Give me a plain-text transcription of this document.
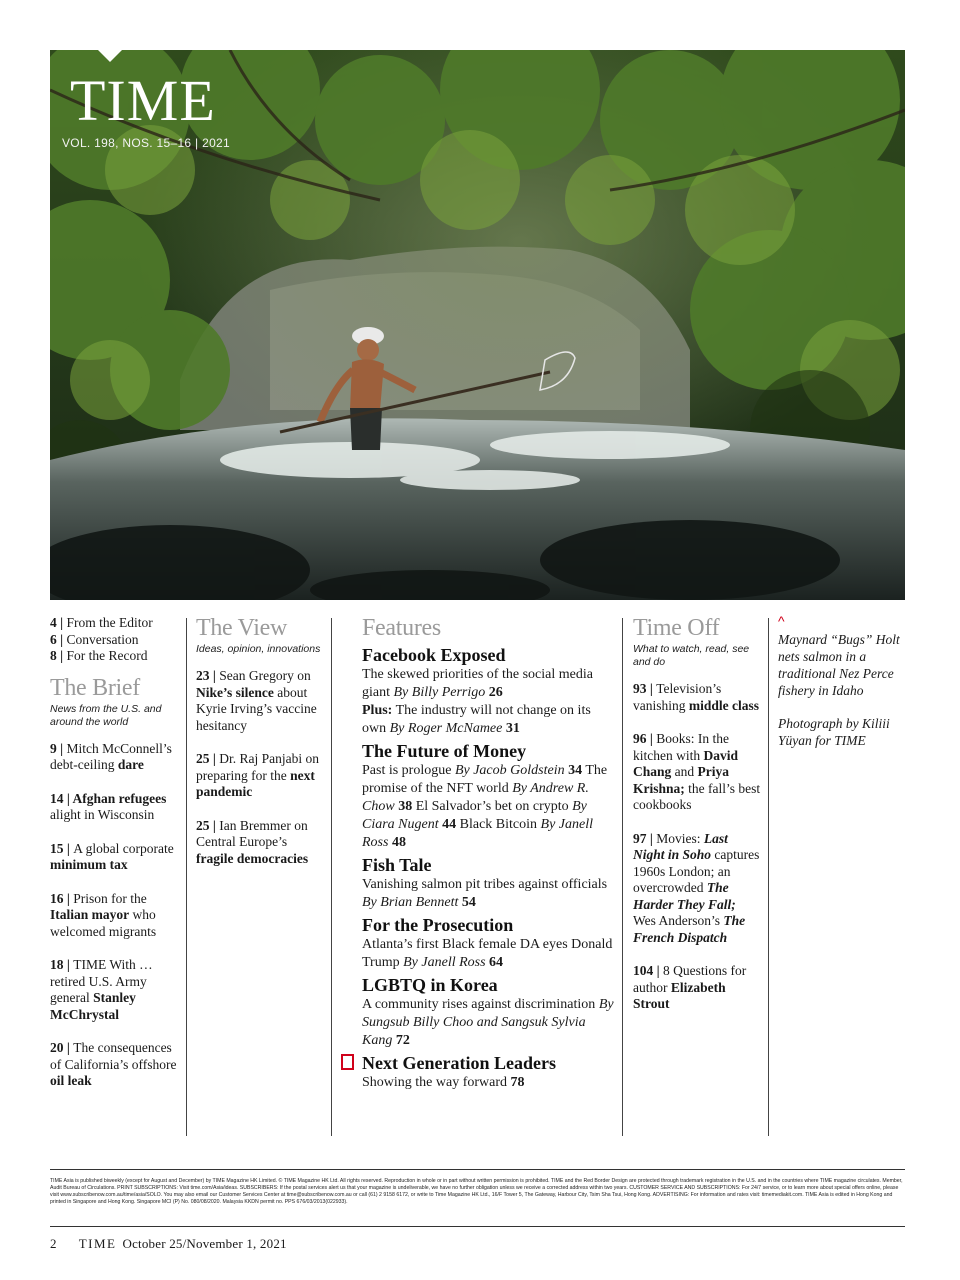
TIME
VOL. 198, NOS. 15–16 | 2021

4 | From the Editor

6 | Conversation

8 | For the Record

The Brief

News from the U.S. and around the world

9 | Mitch McConnell’s debt-ceiling dare

14 | Afghan refugees alight in Wisconsin

15 | A global corporate minimum tax

16 | Prison for the Italian mayor who welcomed migrants

18 | TIME With … retired U.S. Army general Stanley McChrystal

20 | The consequences of California’s offshore oil leak

The View

Ideas, opinion, innovations

23 | Sean Gregory on Nike’s silence about Kyrie Irving’s vaccine hesitancy

25 | Dr. Raj Panjabi on preparing for the next pandemic

25 | Ian Bremmer on Central Europe’s fragile democracies

Features

Facebook Exposed

The skewed priorities of the social media giant By Billy Perrigo 26
Plus: The industry will not change on its own By Roger McNamee 31

The Future of Money

Past is prologue By Jacob Goldstein 34 The promise of the NFT world By Andrew R. Chow 38 El Salvador’s bet on crypto By Ciara Nugent 44 Black Bitcoin By Janell Ross 48

Fish Tale

Vanishing salmon pit tribes against officials By Brian Bennett 54

For the Prosecution

Atlanta’s first Black female DA eyes Donald Trump By Janell Ross 64

LGBTQ in Korea

A community rises against discrimination By Sungsub Billy Choo and Sangsuk Sylvia Kang 72

Next Generation Leaders

Showing the way forward 78

Time Off

What to watch, read, see and do

93 | Television’s vanishing middle class

96 | Books: In the kitchen with David Chang and Priya Krishna; the fall’s best cookbooks

97 | Movies: Last Night in Soho captures 1960s London; an overcrowded The Harder They Fall; Wes Anderson’s The French Dispatch

104 | 8 Questions for author Elizabeth Strout

^

Maynard “Bugs” Holt nets salmon in a traditional Nez Perce fishery in Idaho

Photograph by Kiliii Yüyan for TIME

TIME Asia is published biweekly (except for August and December) by TIME Magazine HK Limited. © TIME Magazine HK Ltd. All rights reserved. Reproduction in whole or in part without written permission is prohibited. TIME and the Red Border Design are protected through trademark registration in the U.S. and in the countries where TIME magazine circulates. Member, Audit Bureau of Circulations. PRINT SUBSCRIPTIONS: Visit time.com/Asia/ideas. SUBSCRIBERS: If the postal services alert us that your magazine is undeliverable, we have no further obligation unless we receive a corrected address within two years. CUSTOMER SERVICE AND SUBSCRIPTIONS: For 24/7 service, or to learn more about special offers online, please visit www.subscribenow.com.au/time/asia/SOLO. You may also email our Customer Services Center at time@subscribenow.com.au or call (61) 2 9158 6172, or write to Time Magazine HK Ltd., 16/F Tower 5, The Gateway, Harbour City, Tsim Sha Tsui, Hong Kong. ADVERTISING: For information and rates visit: timemediakit.com. TIME Asia is edited in Hong Kong and printed in Singapore and Hong Kong. Singapore MCI (P) No. 080/08/2020. Malaysia KKDN permit no. PPS 676/03/2013(022933).
2 TIME October 25/November 1, 2021
